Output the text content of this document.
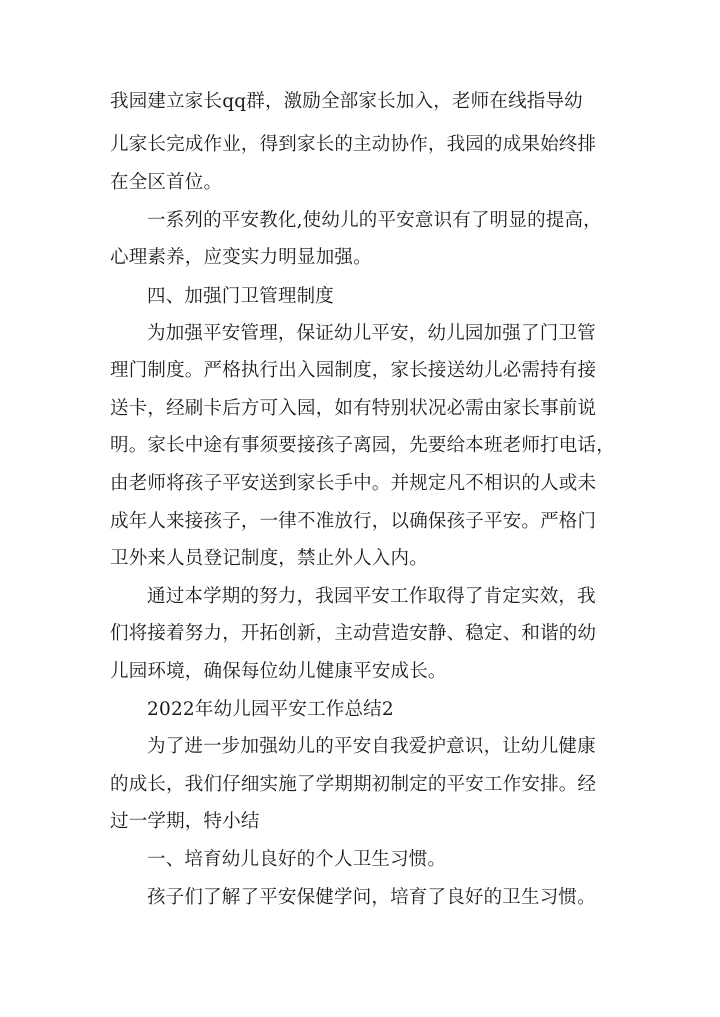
我园建立家长qq群，激励全部家长加入，老师在线指导幼
儿家长完成作业，得到家长的主动协作，我园的成果始终排
在全区首位。
一系列的平安教化,使幼儿的平安意识有了明显的提高，
心理素养，应变实力明显加强。
四、加强门卫管理制度
为加强平安管理，保证幼儿平安，幼儿园加强了门卫管
理门制度。严格执行出入园制度，家长接送幼儿必需持有接
送卡，经刷卡后方可入园，如有特别状况必需由家长事前说
明。家长中途有事须要接孩子离园，先要给本班老师打电话，
由老师将孩子平安送到家长手中。并规定凡不相识的人或未
成年人来接孩子，一律不准放行，以确保孩子平安。严格门
卫外来人员登记制度，禁止外人入内。
通过本学期的努力，我园平安工作取得了肯定实效，我
们将接着努力，开拓创新，主动营造安静、稳定、和谐的幼
儿园环境，确保每位幼儿健康平安成长。
2022年幼儿园平安工作总结2
为了进一步加强幼儿的平安自我爱护意识，让幼儿健康
的成长，我们仔细实施了学期期初制定的平安工作安排。经
过一学期，特小结
一、培育幼儿良好的个人卫生习惯。
孩子们了解了平安保健学问，培育了良好的卫生习惯。
